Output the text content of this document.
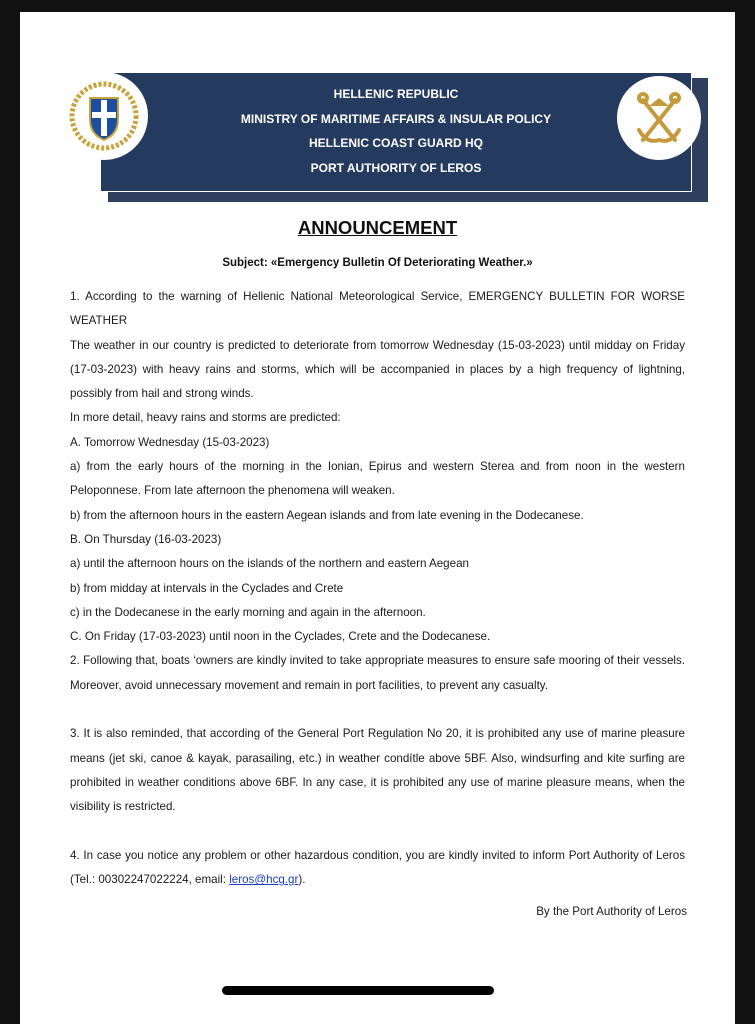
HELLENIC REPUBLIC
MINISTRY OF MARITIME AFFAIRS & INSULAR POLICY
HELLENIC COAST GUARD HQ
PORT AUTHORITY OF LEROS
ANNOUNCEMENT
Subject: «Emergency Bulletin Of Deteriorating Weather.»

1. According to the warning of Hellenic National Meteorological Service, EMERGENCY BULLETIN FOR WORSE WEATHER

The weather in our country is predicted to deteriorate from tomorrow Wednesday (15-03-2023) until midday on Friday (17-03-2023) with heavy rains and storms, which will be accompanied in places by a high frequency of lightning, possibly from hail and strong winds.

In more detail, heavy rains and storms are predicted:

A. Tomorrow Wednesday (15-03-2023)

a) from the early hours of the morning in the Ionian, Epirus and western Sterea and from noon in the western Peloponnese. From late afternoon the phenomena will weaken.

b) from the afternoon hours in the eastern Aegean islands and from late evening in the Dodecanese.

B. On Thursday (16-03-2023)

a) until the afternoon hours on the islands of the northern and eastern Aegean

b) from midday at intervals in the Cyclades and Crete

c) in the Dodecanese in the early morning and again in the afternoon.

C. On Friday (17-03-2023) until noon in the Cyclades, Crete and the Dodecanese.

2. Following that, boats ‘owners are kindly invited to take appropriate measures to ensure safe mooring of their vessels. Moreover, avoid unnecessary movement and remain in port facilities, to prevent any casualty.

3. It is also reminded, that according of the General Port Regulation No 20, it is prohibited any use of marine pleasure means (jet ski, canoe & kayak, parasailing, etc.) in weather condítle above 5BF. Also, windsurfing and kite surfing are prohibited in weather conditions above 6BF. In any case, it is prohibited any use of marine pleasure means, when the visibility is restricted.

4. In case you notice any problem or other hazardous condition, you are kindly invited to inform Port Authority of Leros (Tel.: 00302247022224, email: leros@hcg.gr).

By the Port Authority of Leros
